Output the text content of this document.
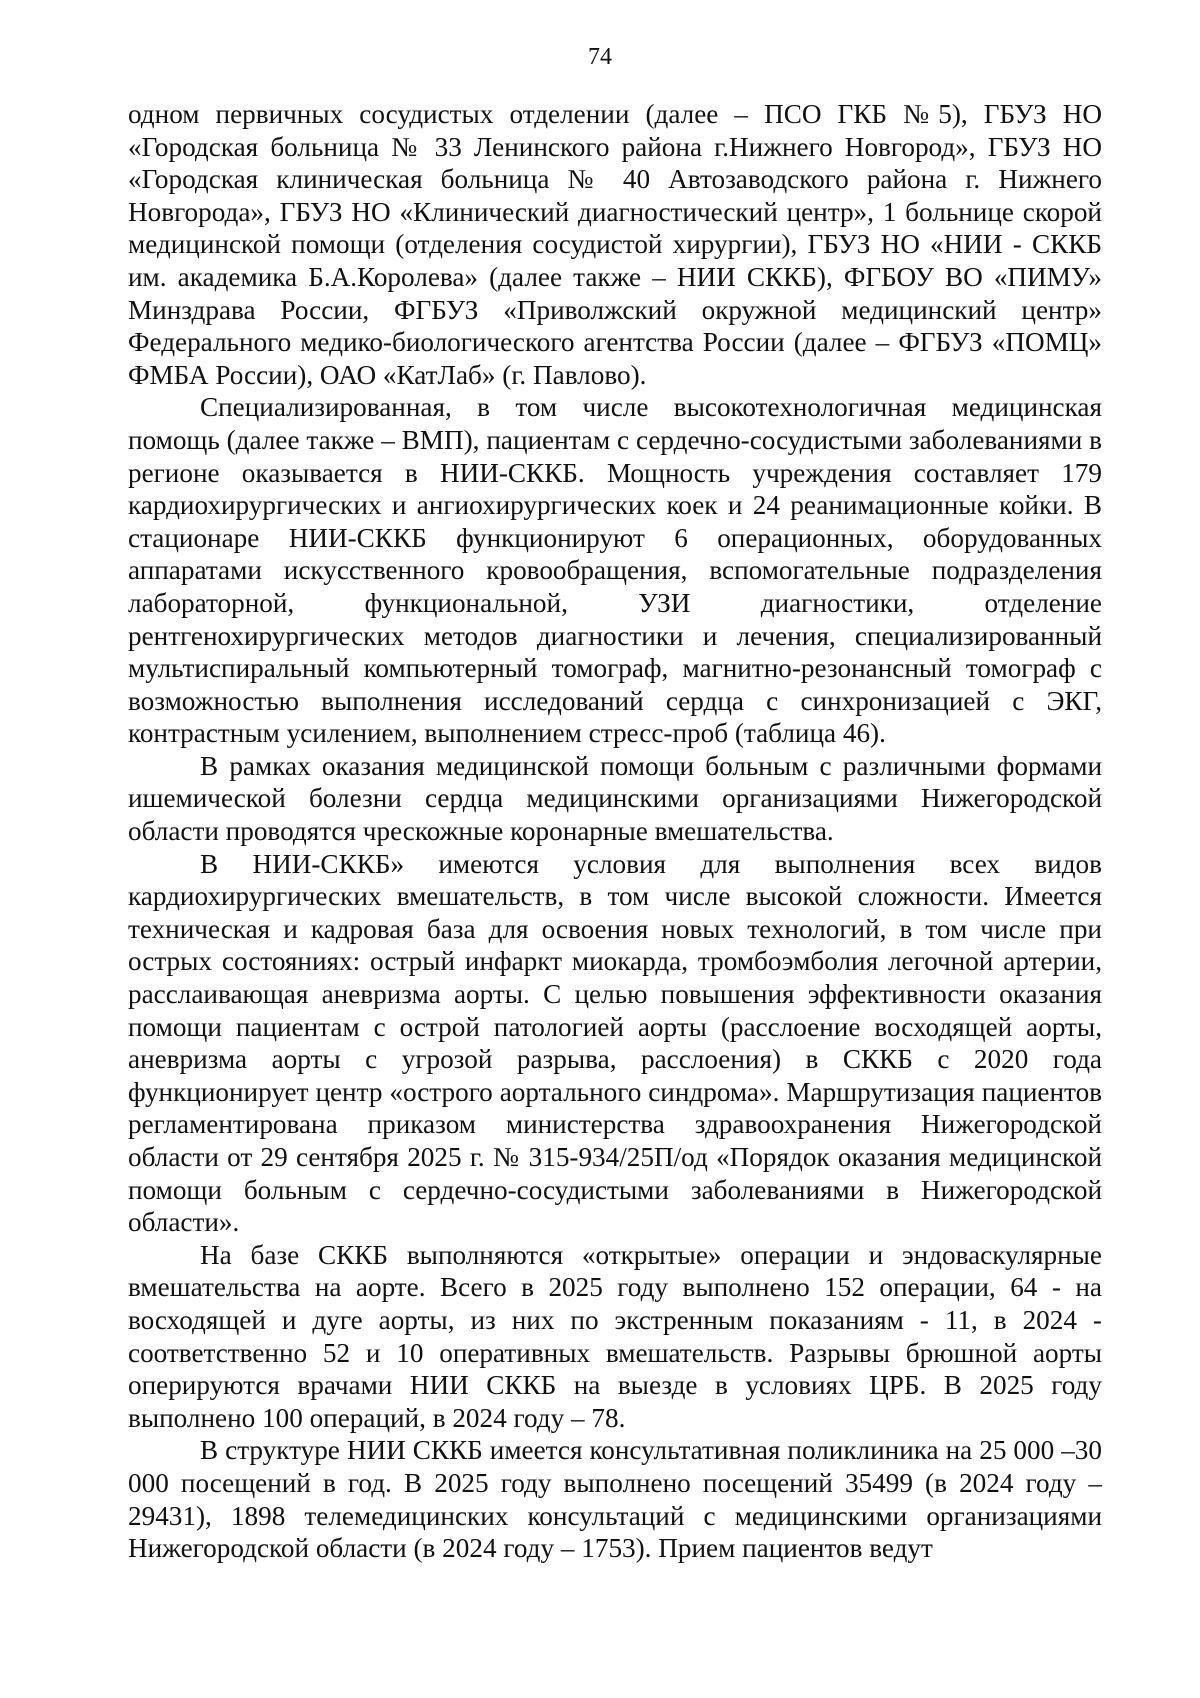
74

одном первичных сосудистых отделении (далее – ПСО ГКБ №5), ГБУЗ НО «Городская больница № 33 Ленинского района г.Нижнего Новгород», ГБУЗ НО «Городская клиническая больница № 40 Автозаводского района г. Нижнего Новгорода», ГБУЗ НО «Клинический диагностический центр», 1 больнице скорой медицинской помощи (отделения сосудистой хирургии), ГБУЗ НО «НИИ - СККБ им. академика Б.А.Королева» (далее также – НИИ СККБ), ФГБОУ ВО «ПИМУ» Минздрава России, ФГБУЗ «Приволжский окружной медицинский центр» Федерального медико-биологического агентства России (далее – ФГБУЗ «ПОМЦ» ФМБА России), ОАО «КатЛаб» (г. Павлово).

Специализированная, в том числе высокотехнологичная медицинская помощь (далее также – ВМП), пациентам с сердечно-сосудистыми заболеваниями в регионе оказывается в НИИ-СККБ. Мощность учреждения составляет 179 кардиохирургических и ангиохирургических коек и 24 реанимационные койки. В стационаре НИИ-СККБ функционируют 6 операционных, оборудованных аппаратами искусственного кровообращения, вспомогательные подразделения лабораторной, функциональной, УЗИ диагностики, отделение рентгенохирургических методов диагностики и лечения, специализированный мультиспиральный компьютерный томограф, магнитно-резонансный томограф с возможностью выполнения исследований сердца с синхронизацией с ЭКГ, контрастным усилением, выполнением стресс-проб (таблица 46).

В рамках оказания медицинской помощи больным с различными формами ишемической болезни сердца медицинскими организациями Нижегородской области проводятся чрескожные коронарные вмешательства.

В НИИ-СККБ» имеются условия для выполнения всех видов кардиохирургических вмешательств, в том числе высокой сложности. Имеется техническая и кадровая база для освоения новых технологий, в том числе при острых состояниях: острый инфаркт миокарда, тромбоэмболия легочной артерии, расслаивающая аневризма аорты. С целью повышения эффективности оказания помощи пациентам с острой патологией аорты (расслоение восходящей аорты, аневризма аорты с угрозой разрыва, расслоения) в СККБ с 2020 года функционирует центр «острого аортального синдрома». Маршрутизация пациентов регламентирована приказом министерства здравоохранения Нижегородской области от 29 сентября 2025 г. № 315-934/25П/од «Порядок оказания медицинской помощи больным с сердечно-сосудистыми заболеваниями в Нижегородской области».

На базе СККБ выполняются «открытые» операции и эндоваскулярные вмешательства на аорте. Всего в 2025 году выполнено 152 операции, 64 - на восходящей и дуге аорты, из них по экстренным показаниям - 11, в 2024 - соответственно 52 и 10 оперативных вмешательств. Разрывы брюшной аорты оперируются врачами НИИ СККБ на выезде в условиях ЦРБ. В 2025 году выполнено 100 операций, в 2024 году – 78.

В структуре НИИ СККБ имеется консультативная поликлиника на 25 000 –30 000 посещений в год. В 2025 году выполнено посещений 35499 (в 2024 году – 29431), 1898 телемедицинских консультаций с медицинскими организациями Нижегородской области (в 2024 году – 1753). Прием пациентов ведут
